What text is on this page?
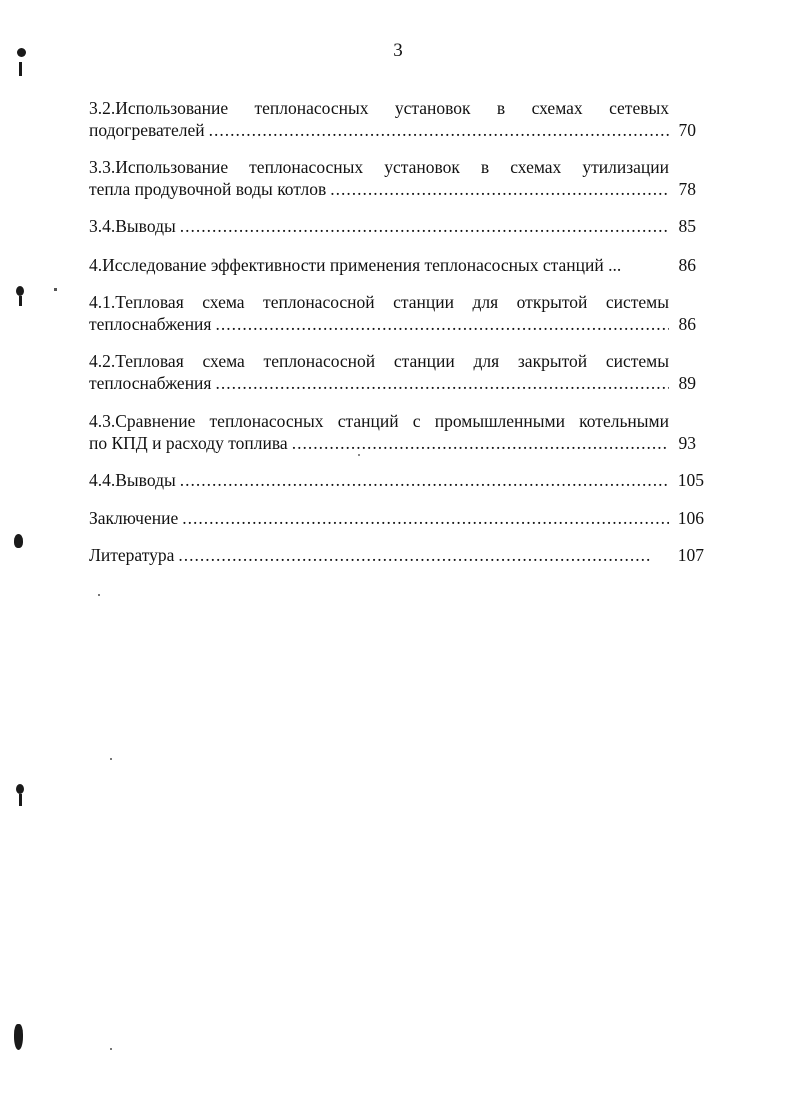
3
3.2.Использование теплонасосных установок в схемах сетевых
подогревателей .....	70
3.3.Использование теплонасосных установок в схемах утилизации
тепла продувочной воды котлов .....	78
3.4.Выводы .....	85
4.Исследование эффективности применения теплонасосных станций ...	86
4.1.Тепловая схема теплонасосной станции для открытой системы
теплоснабжения .....	86
4.2.Тепловая схема теплонасосной станции для закрытой системы
теплоснабжения .....	89
4.3.Сравнение теплонасосных станций с промышленными котельными
по КПД и расходу топлива .....	93
4.4.Выводы .....	105
Заключение .....	106
Литература .....	107
